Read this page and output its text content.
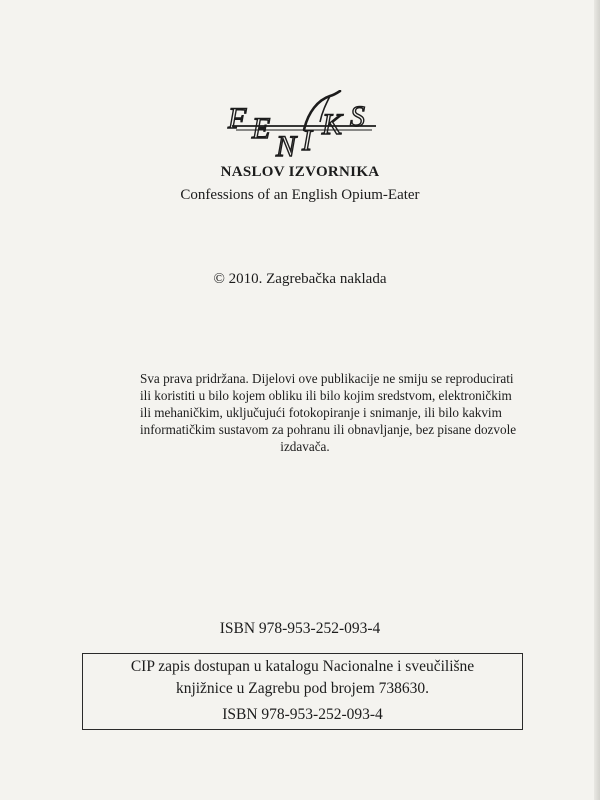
F E
N I K S
NASLOV IZVORNIKA
Confessions of an English Opium-Eater
© 2010. Zagrebačka naklada
Sva prava pridržana. Dijelovi ove publikacije ne smiju se reproducirati
ili koristiti u bilo kojem obliku ili bilo kojim sredstvom, elektroničkim
ili mehaničkim, uključujući fotokopiranje i snimanje, ili bilo kakvim
informatičkim sustavom za pohranu ili obnavljanje, bez pisane dozvole
izdavača.
ISBN 978-953-252-093-4
CIP zapis dostupan u katalogu Nacionalne i sveučilišne
knjižnice u Zagrebu pod brojem 738630.
ISBN 978-953-252-093-4
